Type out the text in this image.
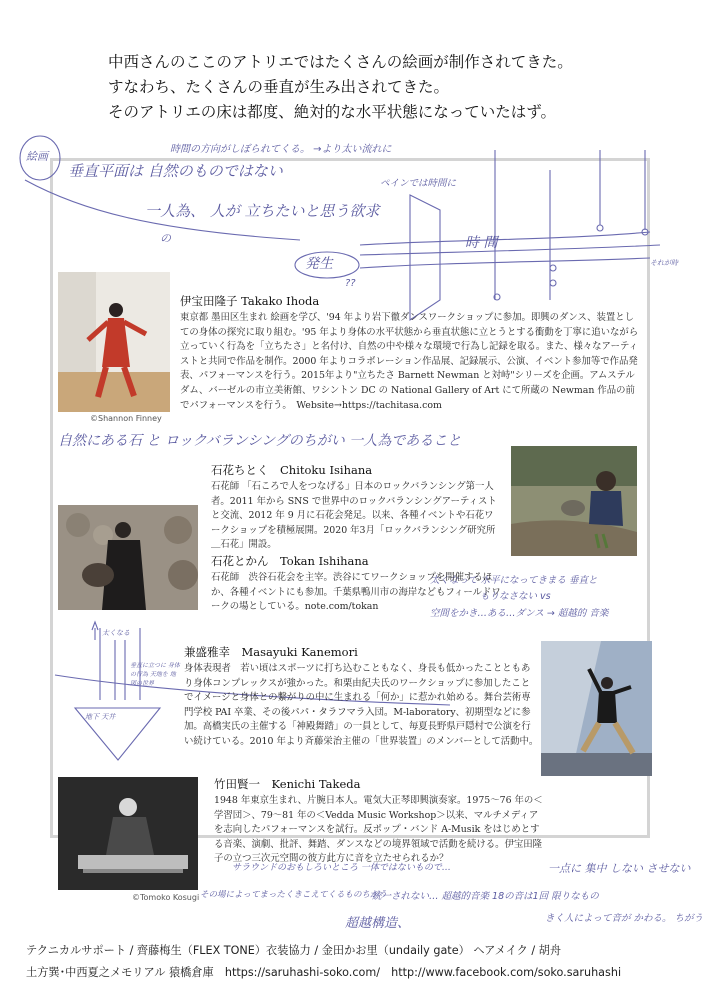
中西さんのここのアトリエではたくさんの絵画が制作されてきた。
すなわち、たくさんの垂直が生み出されてきた。
そのアトリエの床は都度、絶対的な水平状態になっていたはず。
絵画
時間の方向がしぼられてくる。 →より太い流れに
ペインでは時間に
垂直平面は 自然のものではない
一人為、 人が 立ちたいと思う欲求
の
発生
??
時 間
それが時
自然にある石 と ロックバランシングのちがい 一人為であること
太くなって 水平になってきまる 垂直と
もりなさない vs
空間をかき…ある…ダンス → 超越的 音楽
太くなる
垂直に立つに 身体の行為 天地を 地図の世界
地下 天井
サラウンドのおもしろいところ 一体ではないもので…
その場によってまったくきこえてくるものちがう
統一されない… 超越的音楽 18の音は1回 限りなもの
超越構造、
一点に 集中 しない させない
きく人によって音が かわる。 ちがう
©Shannon Finney
伊宝田隆子 Takako Ihoda
東京都 墨田区生まれ 絵画を学び、'94 年より岩下徹ダンスワークショップに参加。即興のダンス、装置としての身体の探究に取り組む。'95 年より身体の水平状態から垂直状態に立とうとする衝動を丁寧に追いながら立っていく行為を「立ちたさ」と名付け、自然の中や様々な環境で行為し記録を取る。また、様々なアーティストと共同で作品を制作。2000 年よりコラボレーション作品展、記録展示、公演、イベント参加等で作品発表、パフォーマンスを行う。2015年より"立ちたさ Barnett Newman と対峙"シリーズを企画。アムステルダム、バーゼルの市立美術館、ワシントン DC の National Gallery of Art にて所蔵の Newman 作品の前でパフォーマンスを行う。　Website→https://tachitasa.com
石花ちとく　Chitoku Isihana
石花師 「石ころで人をつなげる」日本のロックバランシング第一人者。2011 年から SNS で世界中のロックバランシングアーティストと交流、2012 年 9 月に石花会発足。以来、各種イベントや石花ワークショップを積極展開。2020 年3月「ロックバランシング研究所＿石花」開設。
石花とかん　Tokan Ishihana
石花師　渋谷石花会を主宰。渋谷にてワークショップを開催するほか、各種イベントにも参加。千葉県鴨川市の海岸などもフィールドワークの場としている。note.com/tokan
兼盛雅幸　Masayuki Kanemori
身体表現者　若い頃はスポーツに打ち込むこともなく、身長も低かったことともあり身体コンプレックスが強かった。和栗由紀夫氏のワークショップに参加したことでイメージと身体との繋がりの中に生まれる「何か」に惹かれ始める。舞台芸術専門学校 PAI 卒業、その後パパ・タラフマラ入団。M-laboratory、初期型などに参加。高橋実氏の主催する「神殿舞踏」の一員として、毎夏長野県戸隠村で公演を行い続けている。2010 年より斉藤栄治主催の「世界装置」のメンバーとして活動中。
©Tomoko Kosugi
竹田賢一　Kenichi Takeda
1948 年東京生まれ、片腕日本人。電気大正琴即興演奏家。1975～76 年の＜学習団＞、79～81 年の＜Vedda Music Workshop＞以来、マルチメディアを志向したパフォーマンスを試行。反ポップ・バンド A-Musik をはじめとする音楽、演劇、批評、舞踏、ダンスなどの境界領域で活動を続ける。伊宝田隆子の立つ三次元空間の彼方此方に音を立たせられるか？
テクニカルサポート / 齊藤梅生（FLEX TONE）衣装協力 / 金田かお里（undaily gate） ヘアメイク / 胡舟
土方巽･中西夏之メモリアル 猿橋倉庫　https://saruhashi-soko.com/　http://www.facebook.com/soko.saruhashi
